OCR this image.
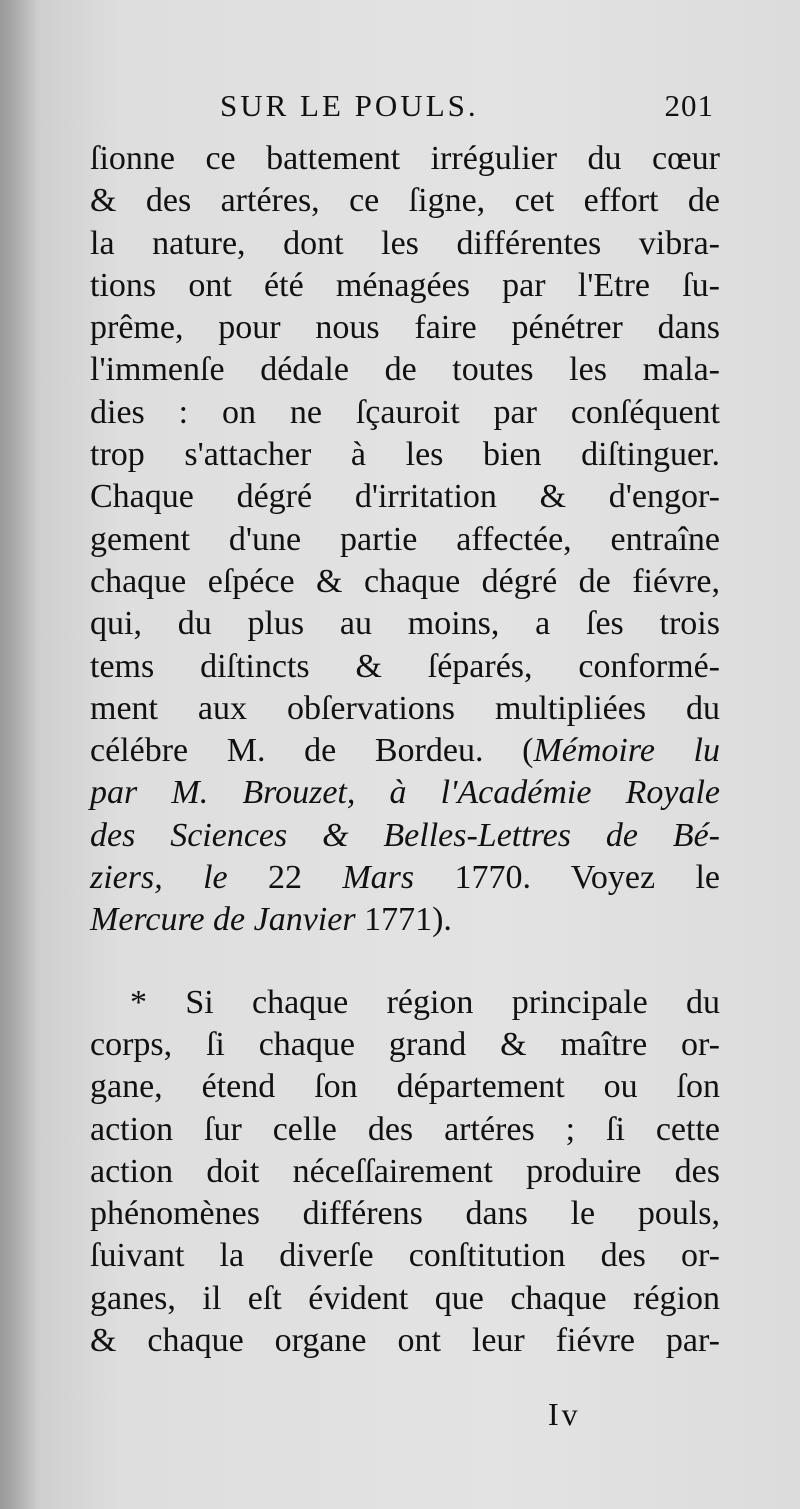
SUR LE POULS.	201
ſionne ce battement irrégulier du cœur
& des artéres, ce ſigne, cet effort de
la nature, dont les différentes vibra-
tions ont été ménagées par l'Etre ſu-
prême, pour nous faire pénétrer dans
l'immenſe dédale de toutes les mala-
dies : on ne ſçauroit par conſéquent
trop s'attacher à les bien diſtinguer.
Chaque dégré d'irritation & d'engor-
gement d'une partie affectée, entraîne
chaque eſpéce & chaque dégré de fiévre,
qui, du plus au moins, a ſes trois
tems diſtincts & ſéparés, conformé-
ment aux obſervations multipliées du
célébre M. de Bordeu. (Mémoire lu
par M. Brouzet, à l'Académie Royale
des Sciences & Belles-Lettres de Bé-
ziers, le 22 Mars 1770. Voyez le
Mercure de Janvier 1771).
* Si chaque région principale du
corps, ſi chaque grand & maître or-
gane, étend ſon département ou ſon
action ſur celle des artéres ; ſi cette
action doit néceſſairement produire des
phénomènes différens dans le pouls,
ſuivant la diverſe conſtitution des or-
ganes, il eſt évident que chaque région
& chaque organe ont leur fiévre par-
Iv
